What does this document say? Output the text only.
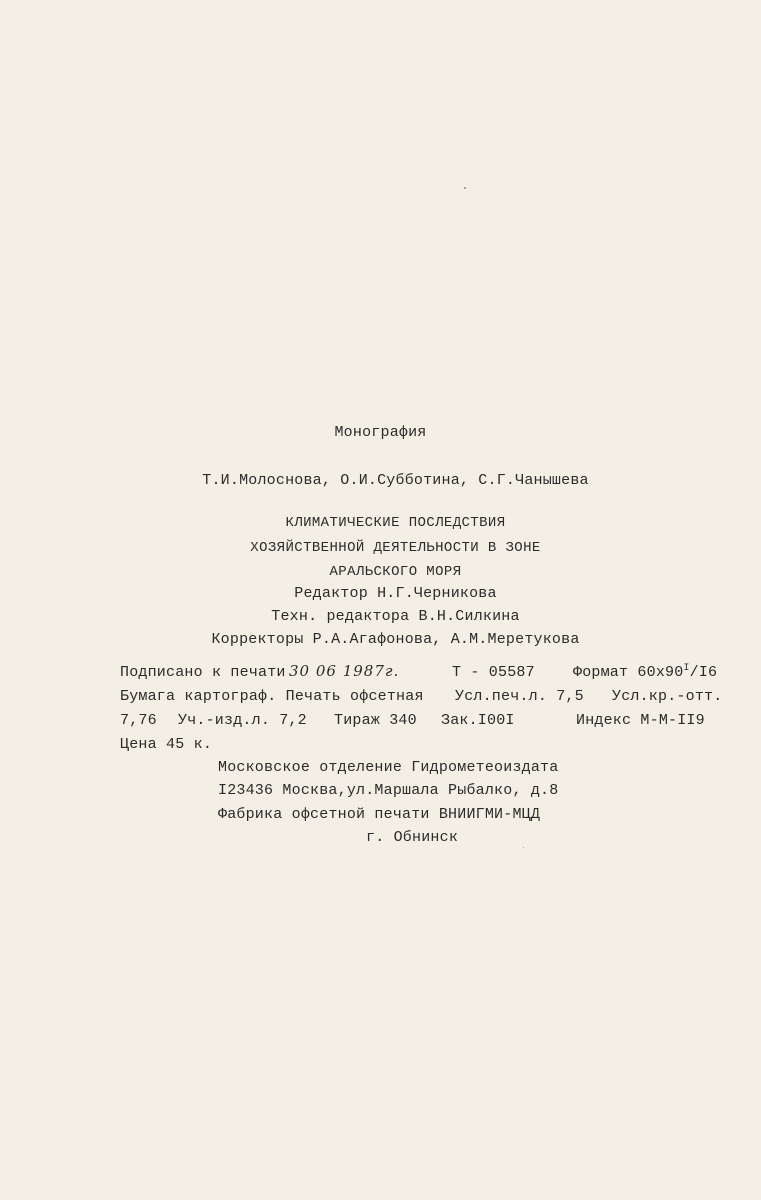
Монография
Т.И.Молоснова, О.И.Субботина, С.Г.Чанышева
КЛИМАТИЧЕСКИЕ ПОСЛЕДСТВИЯ
ХОЗЯЙСТВЕННОЙ ДЕЯТЕЛЬНОСТИ В ЗОНЕ
АРАЛЬСКОГО МОРЯ
Редактор Н.Г.Черникова
Техн. редактора В.Н.Силкина
Корректоры Р.А.Агафонова, А.М.Меретукова
Подписано к печати 30 06 1987г.	Т - 05587	Формат $60x90^I/I6$
Бумага картограф. Печать офсетная Усл.печ.л. 7,5 Усл.кр.-отт.
7,76 Уч.-изд.л. 7,2 Тираж 340 Зак.I00I	Индекс М-М-II9
Цена 45 к.
Московское отделение Гидрометеоиздата
I23436 Москва,ул.Маршала Рыбалко, д.8
Фабрика офсетной печати ВНИИГМИ-МЦД
г. Обнинск
